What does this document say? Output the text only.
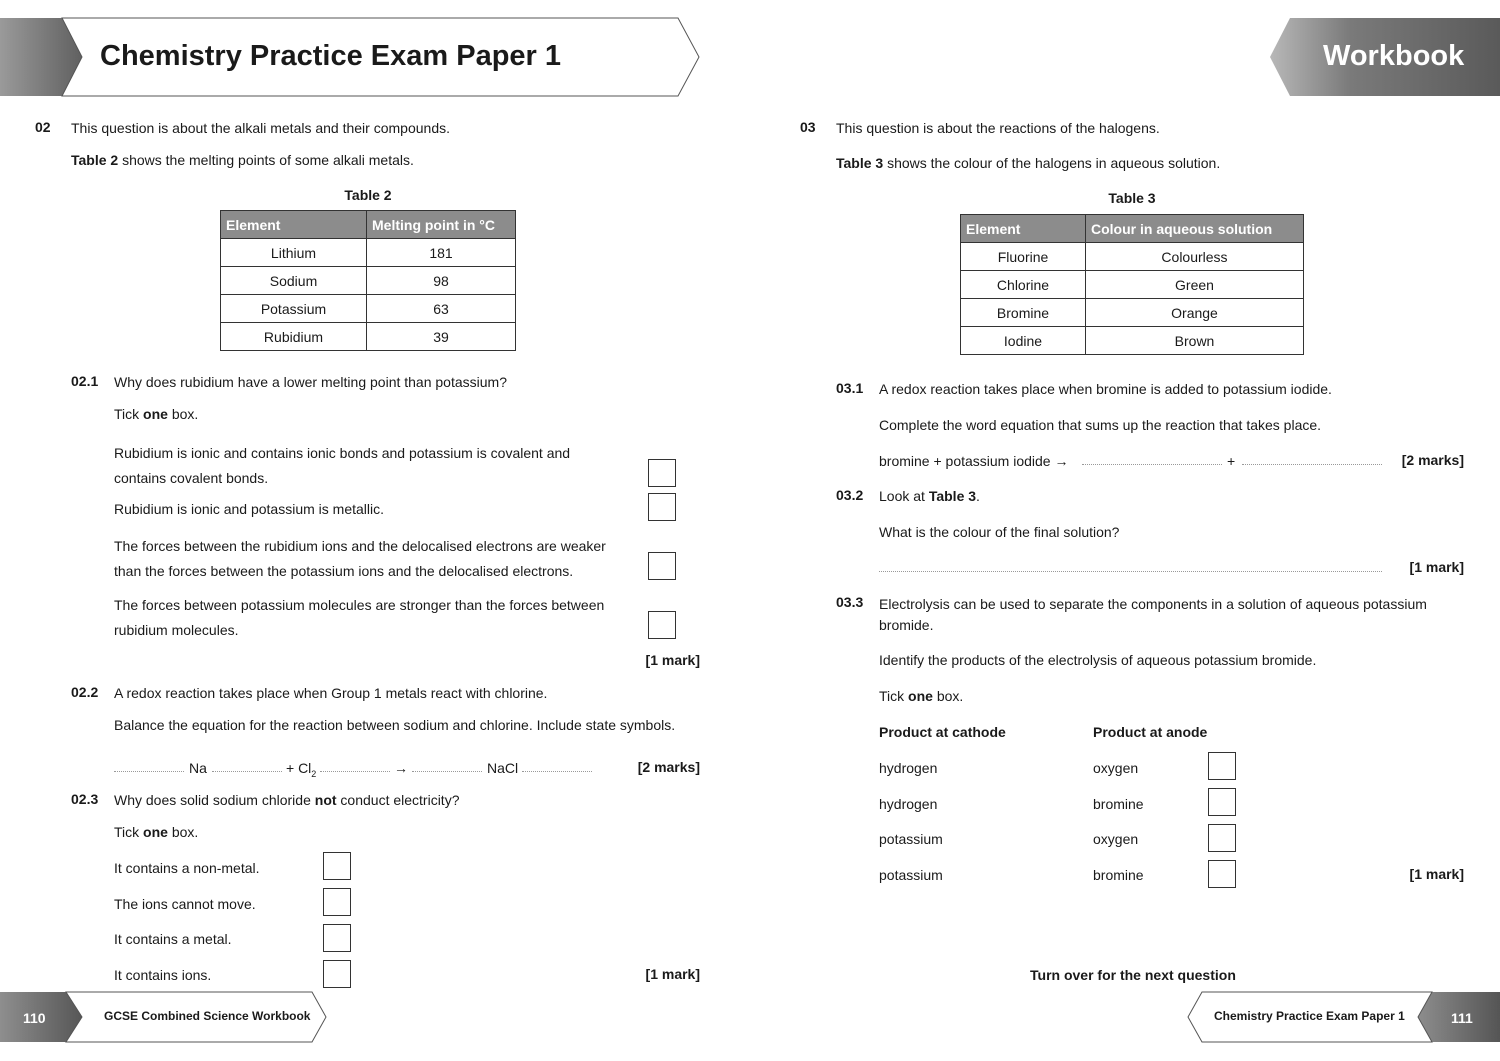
Chemistry Practice Exam Paper 1	Workbook
02 This question is about the alkali metals and their compounds.
Table 2 shows the melting points of some alkali metals.
Table 2
Element	Melting point in °C
Lithium	181
Sodium	98
Potassium	63
Rubidium	39
02.1 Why does rubidium have a lower melting point than potassium?
Tick one box.
Rubidium is ionic and contains ionic bonds and potassium is covalent and
contains covalent bonds.
Rubidium is ionic and potassium is metallic.
The forces between the rubidium ions and the delocalised electrons are weaker
than the forces between the potassium ions and the delocalised electrons.
The forces between potassium molecules are stronger than the forces between
rubidium molecules.
[1 mark]
02.2 A redox reaction takes place when Group 1 metals react with chlorine.
Balance the equation for the reaction between sodium and chlorine. Include state symbols.
Na	+ $Cl_2$	→	NaCl	[2 marks]
02.3 Why does solid sodium chloride not conduct electricity?
Tick one box.
It contains a non-metal.
The ions cannot move.
It contains a metal.
It contains ions.	[1 mark]
03 This question is about the reactions of the halogens.
Table 3 shows the colour of the halogens in aqueous solution.
Table 3
Element	Colour in aqueous solution
Fluorine	Colourless
Chlorine	Green
Bromine	Orange
Iodine	Brown
03.1 A redox reaction takes place when bromine is added to potassium iodide.
Complete the word equation that sums up the reaction that takes place.
bromine + potassium iodide →	+	[2 marks]
03.2 Look at Table 3.
What is the colour of the final solution?
[1 mark]
03.3 Electrolysis can be used to separate the components in a solution of aqueous potassium
bromide.
Identify the products of the electrolysis of aqueous potassium bromide.
Tick one box.
Product at cathode	Product at anode
hydrogen	oxygen
hydrogen	bromine
potassium	oxygen
potassium	bromine	[1 mark]
Turn over for the next question
110	GCSE Combined Science Workbook	Chemistry Practice Exam Paper 1	111
